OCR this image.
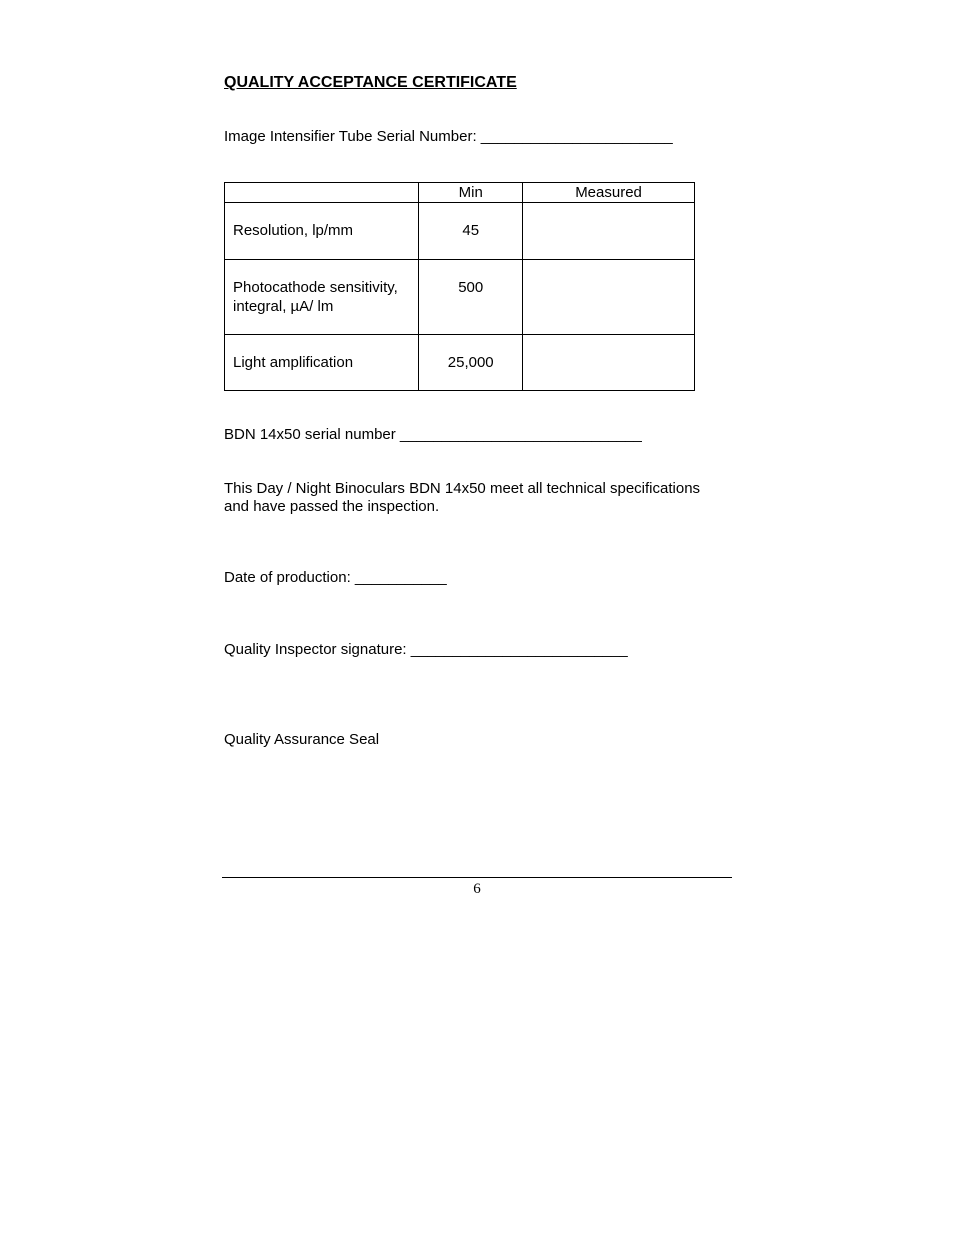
QUALITY ACCEPTANCE CERTIFICATE
Image Intensifier Tube Serial Number: _______________________
	Min	Measured

Resolution, lp/mm	45	

Photocathode sensitivity,
integral, µA/ lm	500	

Light amplification	25,000	

BDN 14x50 serial number _____________________________
This Day / Night Binoculars BDN 14x50 meet all technical specifications
and have passed the inspection.
Date of production: ___________
Quality Inspector signature: __________________________
Quality Assurance Seal
6
